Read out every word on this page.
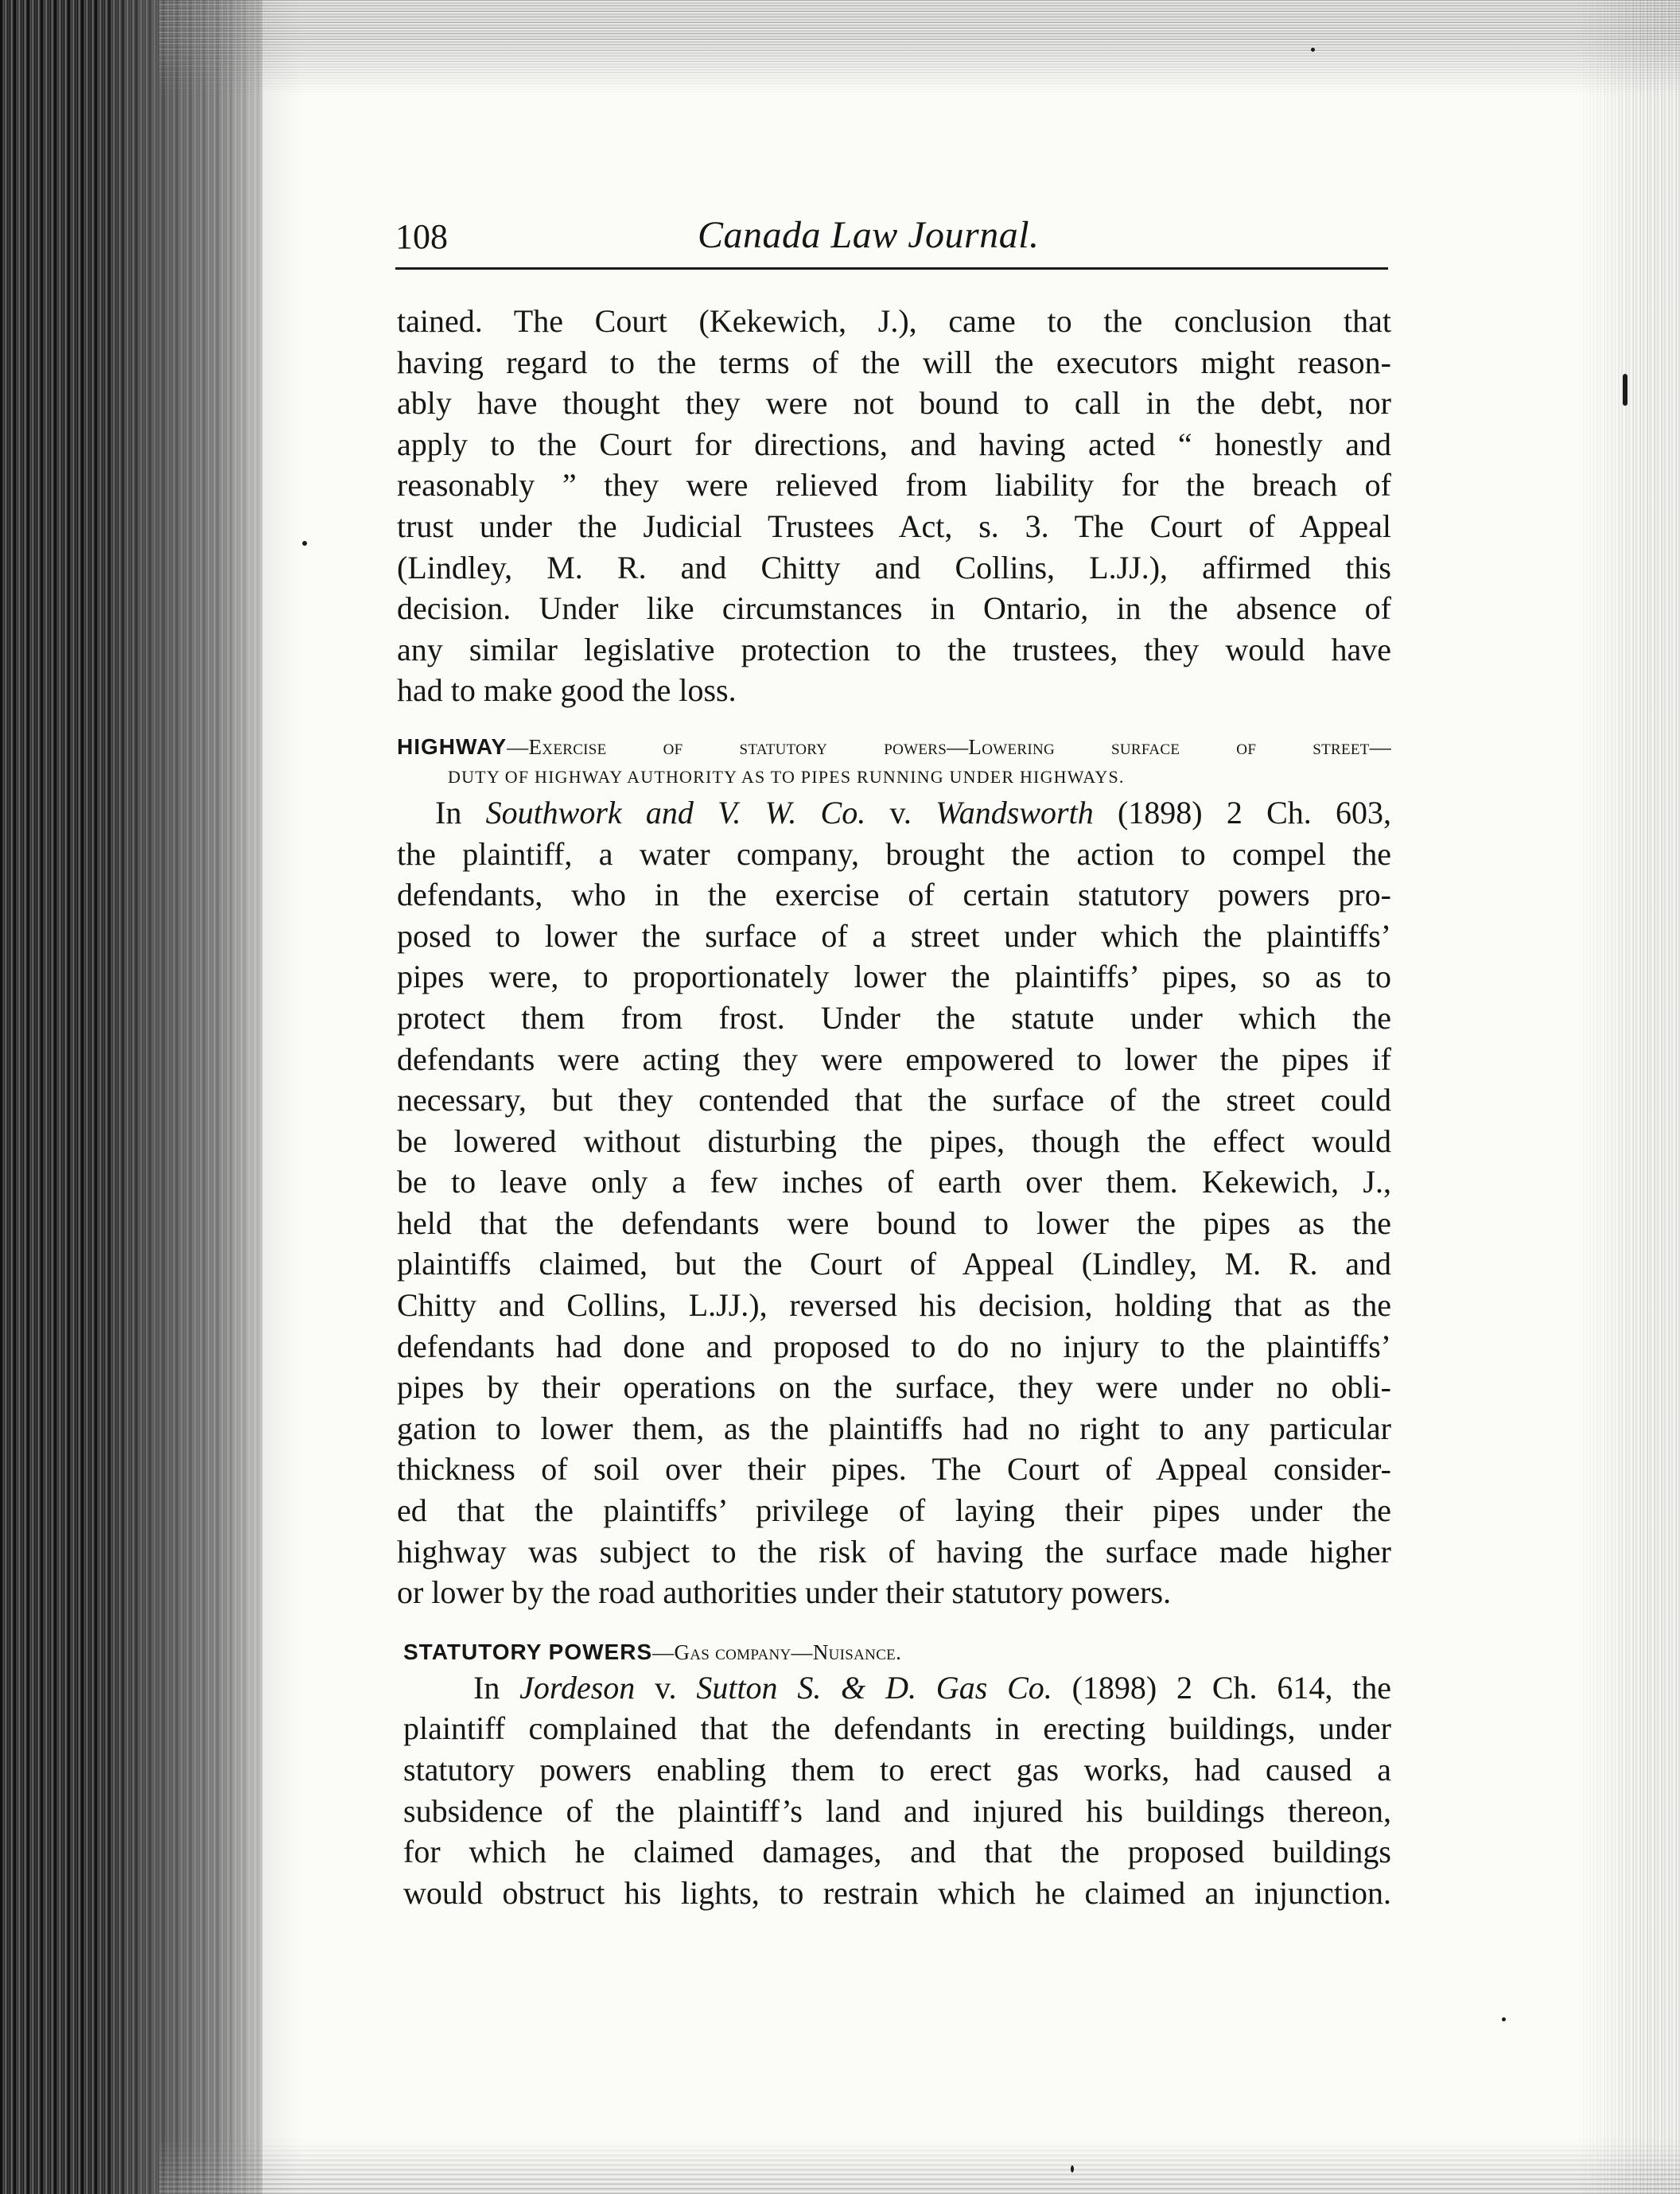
108	Canada Law Journal.
tained. The Court (Kekewich, J.), came to the conclusion that
having regard to the terms of the will the executors might reason-
ably have thought they were not bound to call in the debt, nor
apply to the Court for directions, and having acted “ honestly and
reasonably ” they were relieved from liability for the breach of
trust under the Judicial Trustees Act, s. 3. The Court of Appeal
(Lindley, M. R. and Chitty and Collins, L.JJ.), affirmed this
decision. Under like circumstances in Ontario, in the absence of
any similar legislative protection to the trustees, they would have
had to make good the loss.
HIGHWAY—Exercise of statutory powers—Lowering surface of street—
DUTY OF HIGHWAY AUTHORITY AS TO PIPES RUNNING UNDER HIGHWAYS.
In Southwork and V. W. Co. v. Wandsworth (1898) 2 Ch. 603,
the plaintiff, a water company, brought the action to compel the
defendants, who in the exercise of certain statutory powers pro-
posed to lower the surface of a street under which the plaintiffs’
pipes were, to proportionately lower the plaintiffs’ pipes, so as to
protect them from frost. Under the statute under which the
defendants were acting they were empowered to lower the pipes if
necessary, but they contended that the surface of the street could
be lowered without disturbing the pipes, though the effect would
be to leave only a few inches of earth over them. Kekewich, J.,
held that the defendants were bound to lower the pipes as the
plaintiffs claimed, but the Court of Appeal (Lindley, M. R. and
Chitty and Collins, L.JJ.), reversed his decision, holding that as the
defendants had done and proposed to do no injury to the plaintiffs’
pipes by their operations on the surface, they were under no obli-
gation to lower them, as the plaintiffs had no right to any particular
thickness of soil over their pipes. The Court of Appeal consider-
ed that the plaintiffs’ privilege of laying their pipes under the
highway was subject to the risk of having the surface made higher
or lower by the road authorities under their statutory powers.
STATUTORY POWERS—Gas company—Nuisance.
In Jordeson v. Sutton S. & D. Gas Co. (1898) 2 Ch. 614, the
plaintiff complained that the defendants in erecting buildings, under
statutory powers enabling them to erect gas works, had caused a
subsidence of the plaintiff’s land and injured his buildings thereon,
for which he claimed damages, and that the proposed buildings
would obstruct his lights, to restrain which he claimed an injunction.
